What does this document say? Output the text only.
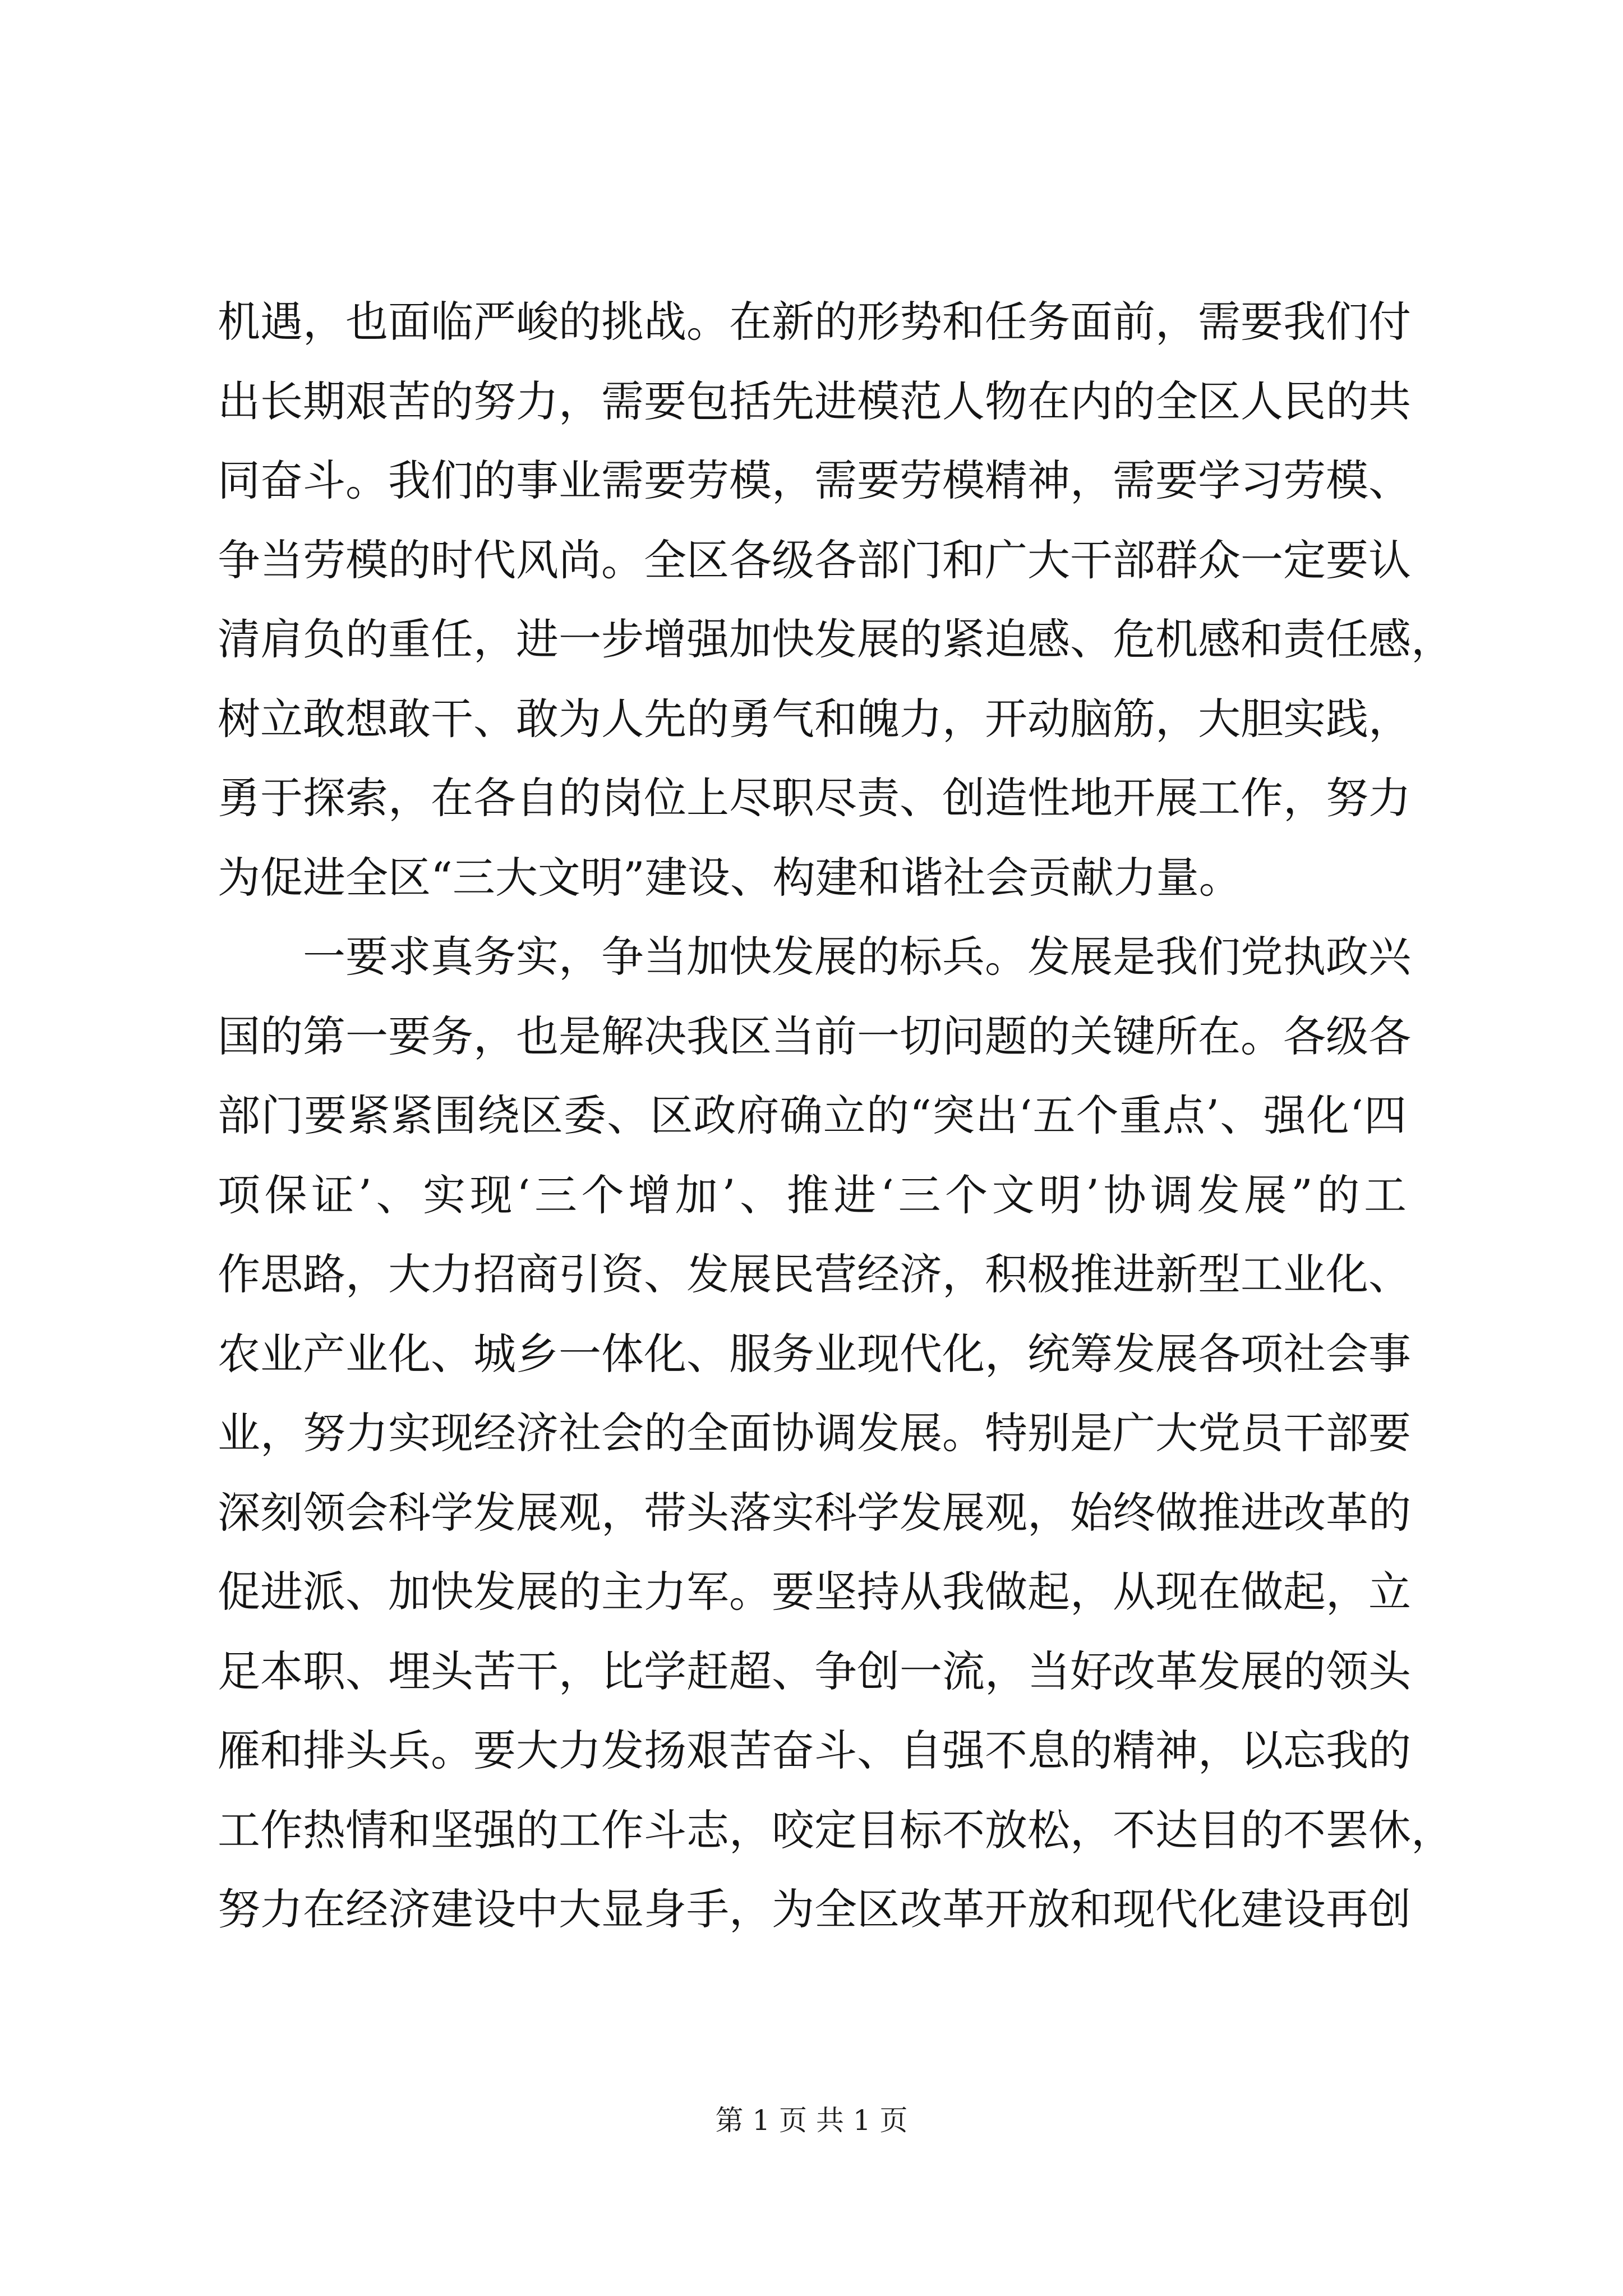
机遇，也面临严峻的挑战。在新的形势和任务面前，需要我们付
出长期艰苦的努力，需要包括先进模范人物在内的全区人民的共
同奋斗。我们的事业需要劳模，需要劳模精神，需要学习劳模、
争当劳模的时代风尚。全区各级各部门和广大干部群众一定要认
清肩负的重任，进一步增强加快发展的紧迫感、危机感和责任感，
树立敢想敢干、敢为人先的勇气和魄力，开动脑筋，大胆实践，
勇于探索，在各自的岗位上尽职尽责、创造性地开展工作，努力
为促进全区“三大文明”建设、构建和谐社会贡献力量。
一要求真务实，争当加快发展的标兵。发展是我们党执政兴
国的第一要务，也是解决我区当前一切问题的关键所在。各级各
部门要紧紧围绕区委、区政府确立的“突出‘五个重点’、强化‘四
项保证’、实现‘三个增加’、推进‘三个文明’协调发展”的工
作思路，大力招商引资、发展民营经济，积极推进新型工业化、
农业产业化、城乡一体化、服务业现代化，统筹发展各项社会事
业，努力实现经济社会的全面协调发展。特别是广大党员干部要
深刻领会科学发展观，带头落实科学发展观，始终做推进改革的
促进派、加快发展的主力军。要坚持从我做起，从现在做起，立
足本职、埋头苦干，比学赶超、争创一流，当好改革发展的领头
雁和排头兵。要大力发扬艰苦奋斗、自强不息的精神，以忘我的
工作热情和坚强的工作斗志，咬定目标不放松，不达目的不罢休，
努力在经济建设中大显身手，为全区改革开放和现代化建设再创
第 1 页 共 1 页
